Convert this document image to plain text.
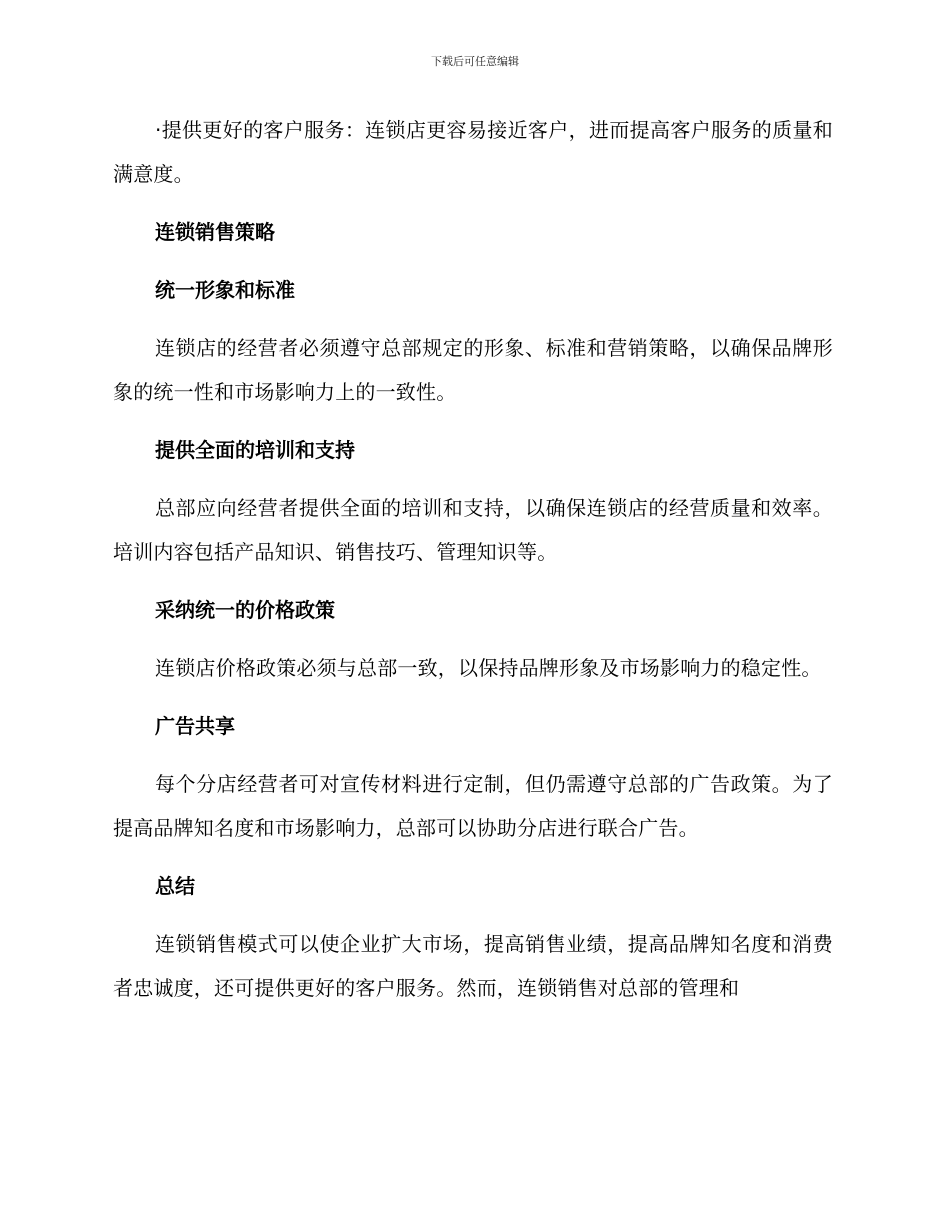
下载后可任意编辑

·提供更好的客户服务：连锁店更容易接近客户，进而提高客户服务的质量和满意度。

连锁销售策略
统一形象和标准

连锁店的经营者必须遵守总部规定的形象、标准和营销策略，以确保品牌形象的统一性和市场影响力上的一致性。

提供全面的培训和支持

总部应向经营者提供全面的培训和支持，以确保连锁店的经营质量和效率。培训内容包括产品知识、销售技巧、管理知识等。

采纳统一的价格政策

连锁店价格政策必须与总部一致，以保持品牌形象及市场影响力的稳定性。

广告共享

每个分店经营者可对宣传材料进行定制，但仍需遵守总部的广告政策。为了提高品牌知名度和市场影响力，总部可以协助分店进行联合广告。

总结

连锁销售模式可以使企业扩大市场，提高销售业绩，提高品牌知名度和消费者忠诚度，还可提供更好的客户服务。然而，连锁销售对总部的管理和
